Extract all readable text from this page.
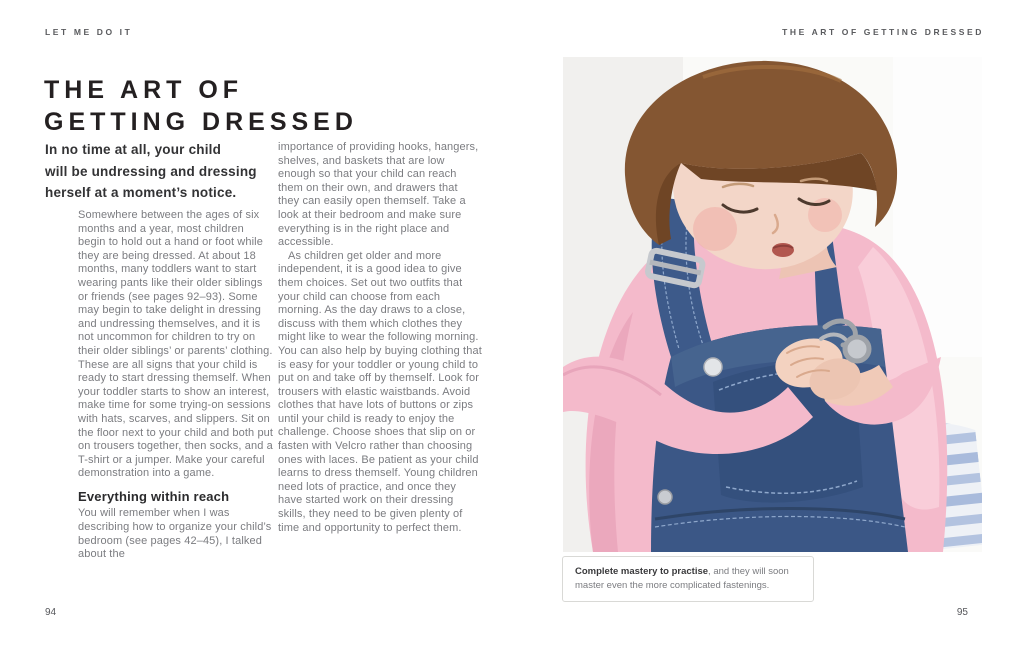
LET ME DO IT	THE ART OF GETTING DRESSED
THE ART OF
GETTING DRESSED
In no time at all, your child
will be undressing and dressing
herself at a moment’s notice.

Somewhere between the ages of six months and a year, most children begin to hold out a hand or foot while they are being dressed. At about 18 months, many toddlers want to start wearing pants like their older siblings or friends (see pages 92–93). Some may begin to take delight in dressing and undressing themselves, and it is not uncommon for children to try on their older siblings’ or parents’ clothing. These are all signs that your child is ready to start dressing themself. When your toddler starts to show an interest, make time for some trying-on sessions with hats, scarves, and slippers. Sit on the floor next to your child and both put on trousers together, then socks, and a T-shirt or a jumper. Make your careful demonstration into a game.

Everything within reach

You will remember when I was describing how to organize your child’s bedroom (see pages 42–45), I talked about the

importance of providing hooks, hangers, shelves, and baskets that are low enough so that your child can reach them on their own, and drawers that they can easily open themself. Take a look at their bedroom and make sure everything is in the right place and accessible.

As children get older and more independent, it is a good idea to give them choices. Set out two outfits that your child can choose from each morning. As the day draws to a close, discuss with them which clothes they might like to wear the following morning. You can also help by buying clothing that is easy for your toddler or young child to put on and take off by themself. Look for trousers with elastic waistbands. Avoid clothes that have lots of buttons or zips until your child is ready to enjoy the challenge. Choose shoes that slip on or fasten with Velcro rather than choosing ones with laces. Be patient as your child learns to dress themself. Young children need lots of practice, and once they have started work on their dressing skills, they need to be given plenty of time and opportunity to perfect them.

Complete mastery to practise, and they will soon master even the more complicated fastenings.
94	95
